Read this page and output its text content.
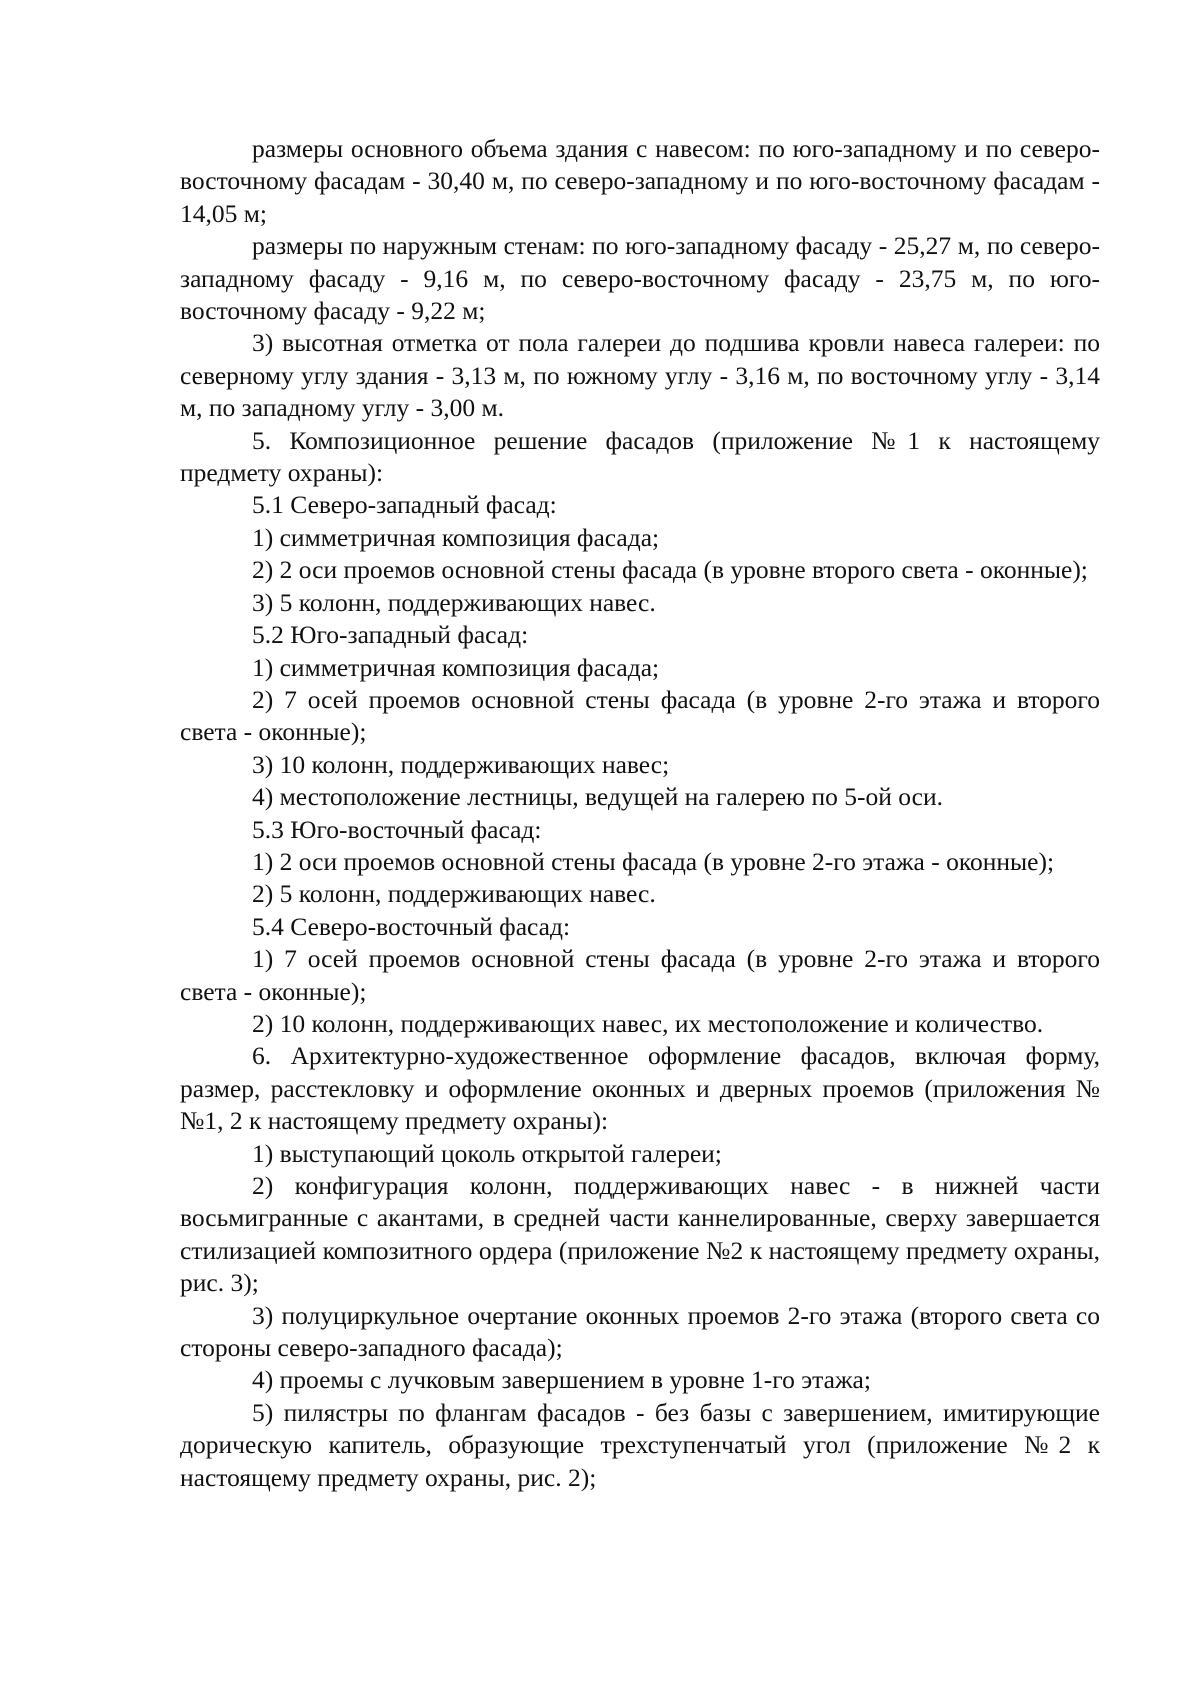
размеры основного объема здания с навесом: по юго-западному и по северо-восточному фасадам - 30,40 м, по северо-западному и по юго-восточному фасадам - 14,05 м;

размеры по наружным стенам: по юго-западному фасаду - 25,27 м, по северо-западному фасаду - 9,16 м, по северо-восточному фасаду - 23,75 м, по юго-восточному фасаду - 9,22 м;

3) высотная отметка от пола галереи до подшива кровли навеса галереи: по северному углу здания - 3,13 м, по южному углу - 3,16 м, по восточному углу - 3,14 м, по западному углу - 3,00 м.

5. Композиционное решение фасадов (приложение №1 к настоящему предмету охраны):

5.1 Северо-западный фасад:

1) симметричная композиция фасада;

2) 2 оси проемов основной стены фасада (в уровне второго света - оконные);

3) 5 колонн, поддерживающих навес.

5.2 Юго-западный фасад:

1) симметричная композиция фасада;

2) 7 осей проемов основной стены фасада (в уровне 2-го этажа и второго света - оконные);

3) 10 колонн, поддерживающих навес;

4) местоположение лестницы, ведущей на галерею по 5-ой оси.

5.3 Юго-восточный фасад:

1) 2 оси проемов основной стены фасада (в уровне 2-го этажа - оконные);

2) 5 колонн, поддерживающих навес.

5.4 Северо-восточный фасад:

1) 7 осей проемов основной стены фасада (в уровне 2-го этажа и второго света - оконные);

2) 10 колонн, поддерживающих навес, их местоположение и количество.

6. Архитектурно-художественное оформление фасадов, включая форму, размер, расстекловку и оформление оконных и дверных проемов (приложения №№1, 2 к настоящему предмету охраны):

1) выступающий цоколь открытой галереи;

2) конфигурация колонн, поддерживающих навес - в нижней части восьмигранные с акантами, в средней части каннелированные, сверху завершается стилизацией композитного ордера (приложение №2 к настоящему предмету охраны, рис. 3);

3) полуциркульное очертание оконных проемов 2-го этажа (второго света со стороны северо-западного фасада);

4) проемы с лучковым завершением в уровне 1-го этажа;

5) пилястры по флангам фасадов - без базы с завершением, имитирующие дорическую капитель, образующие трехступенчатый угол (приложение №2 к настоящему предмету охраны, рис. 2);
